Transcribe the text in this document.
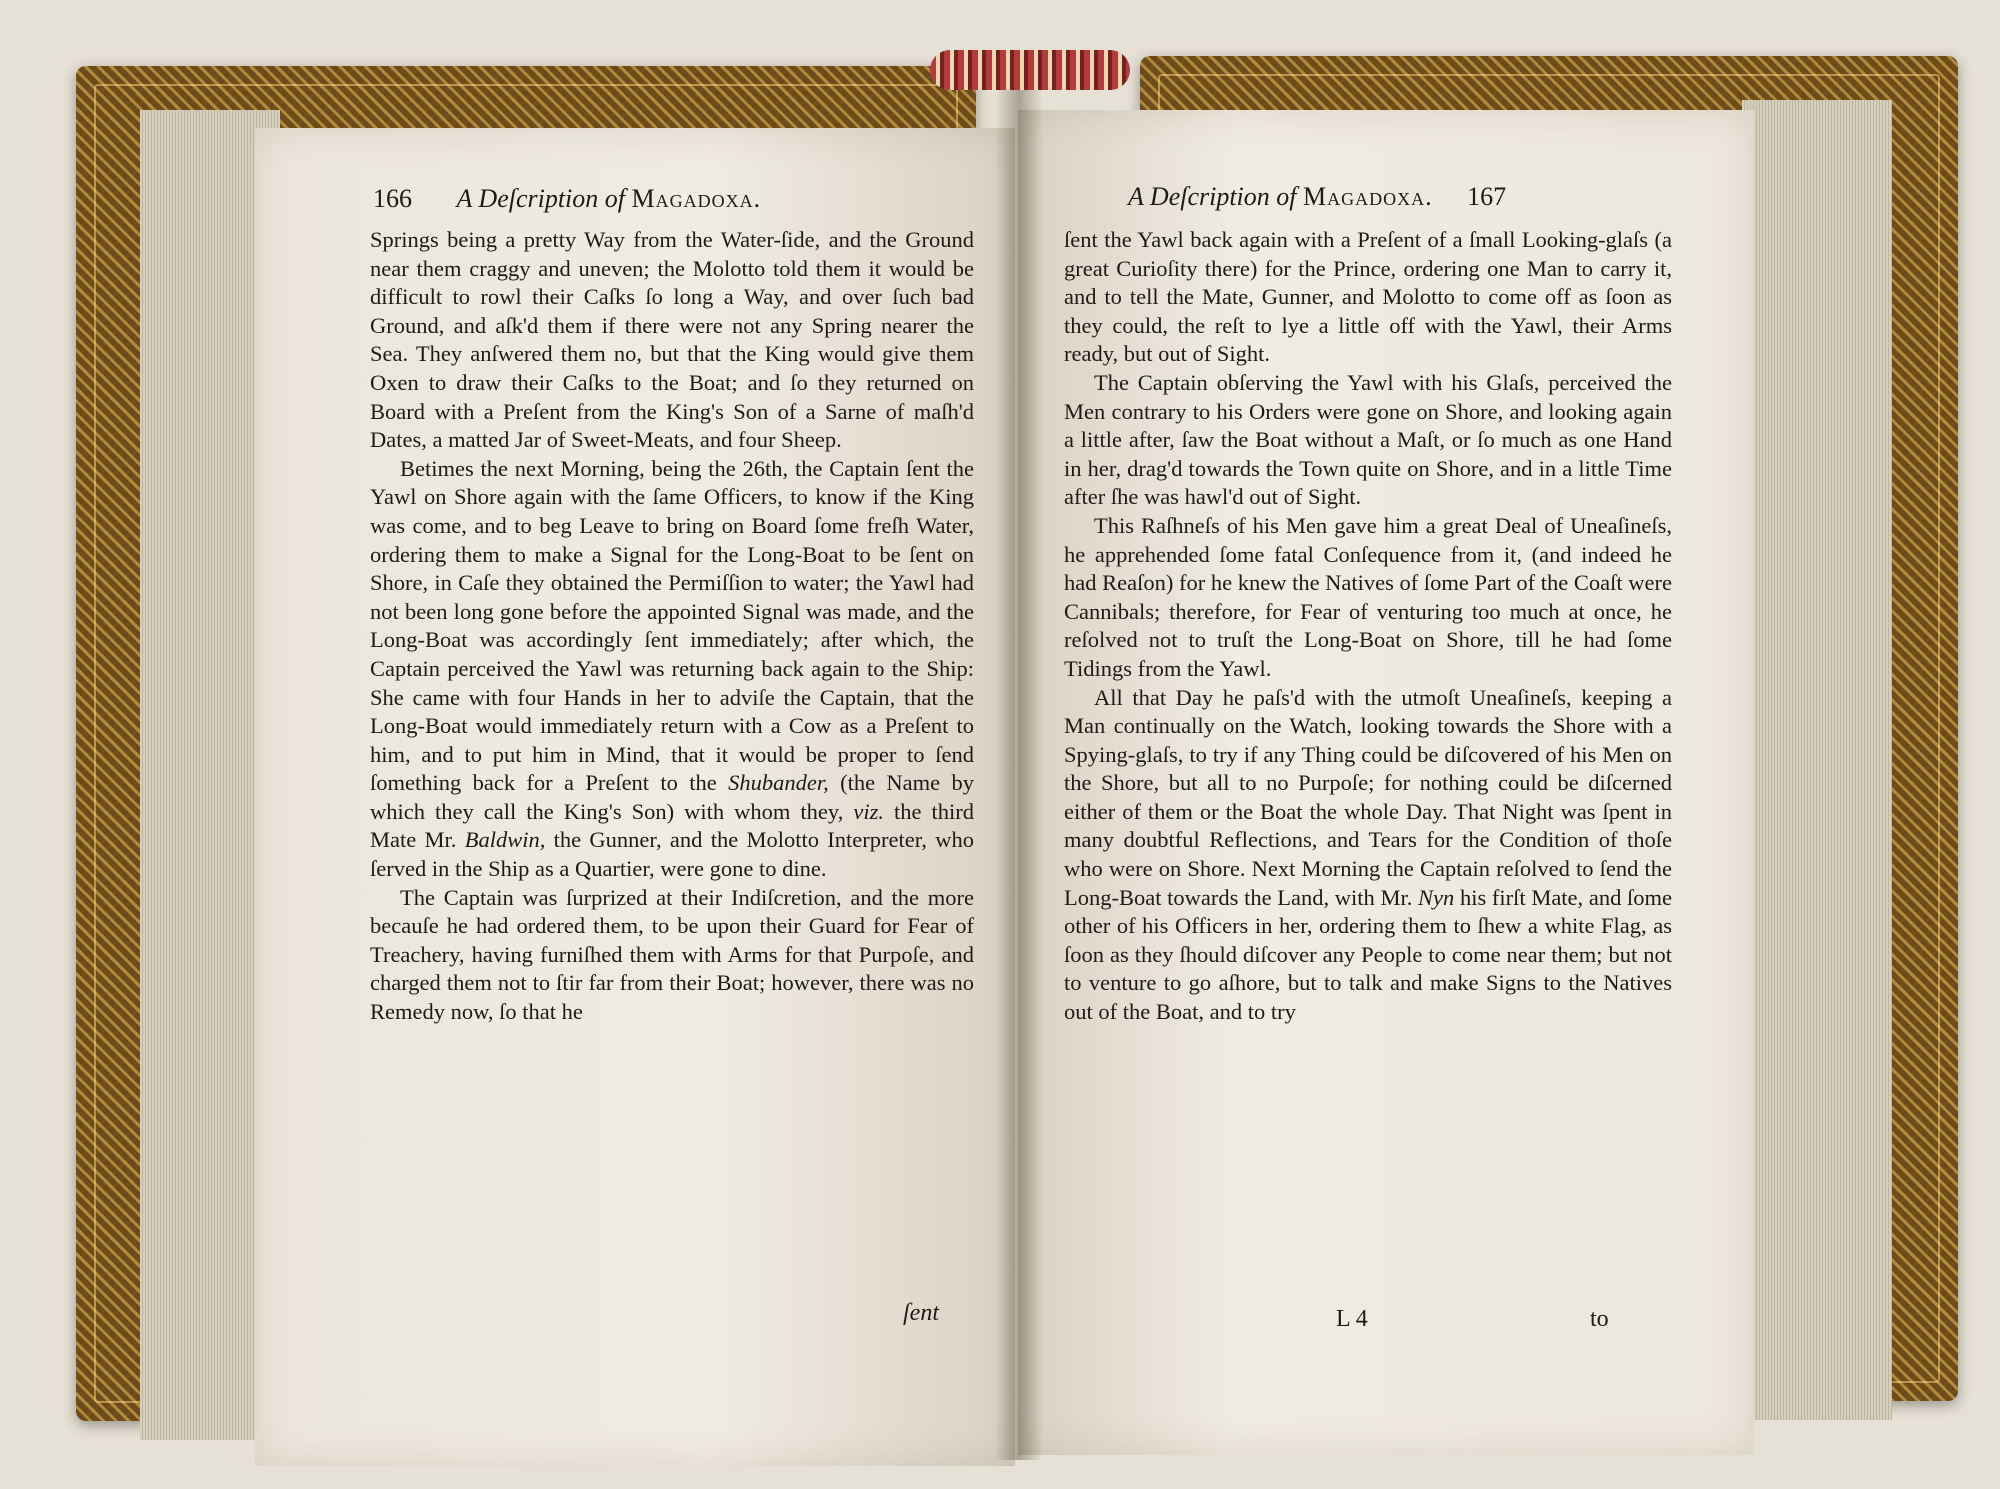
166 A Deſcription of Magadoxa.

Springs being a pretty Way from the Water-ſide, and the Ground near them craggy and uneven; the Molotto told them it would be difficult to rowl their Caſks ſo long a Way, and over ſuch bad Ground, and aſk'd them if there were not any Spring nearer the Sea. They anſwered them no, but that the King would give them Oxen to draw their Caſks to the Boat; and ſo they returned on Board with a Preſent from the King's Son of a Sarne of maſh'd Dates, a matted Jar of Sweet-Meats, and four Sheep.

Betimes the next Morning, being the 26th, the Captain ſent the Yawl on Shore again with the ſame Officers, to know if the King was come, and to beg Leave to bring on Board ſome freſh Water, ordering them to make a Signal for the Long-Boat to be ſent on Shore, in Caſe they obtained the Permiſſion to water; the Yawl had not been long gone before the appointed Signal was made, and the Long-Boat was accordingly ſent immediately; after which, the Captain perceived the Yawl was returning back again to the Ship: She came with four Hands in her to adviſe the Captain, that the Long-Boat would immediately return with a Cow as a Preſent to him, and to put him in Mind, that it would be proper to ſend ſomething back for a Preſent to the Shubander, (the Name by which they call the King's Son) with whom they, viz. the third Mate Mr. Baldwin, the Gunner, and the Molotto Interpreter, who ſerved in the Ship as a Quartier, were gone to dine.

The Captain was ſurprized at their Indiſcretion, and the more becauſe he had ordered them, to be upon their Guard for Fear of Treachery, having furniſhed them with Arms for that Purpoſe, and charged them not to ſtir far from their Boat; however, there was no Remedy now, ſo that he

ſent
A Deſcription of Magadoxa. 167

ſent the Yawl back again with a Preſent of a ſmall Looking-glaſs (a great Curioſity there) for the Prince, ordering one Man to carry it, and to tell the Mate, Gunner, and Molotto to come off as ſoon as they could, the reſt to lye a little off with the Yawl, their Arms ready, but out of Sight.

The Captain obſerving the Yawl with his Glaſs, perceived the Men contrary to his Orders were gone on Shore, and looking again a little after, ſaw the Boat without a Maſt, or ſo much as one Hand in her, drag'd towards the Town quite on Shore, and in a little Time after ſhe was hawl'd out of Sight.

This Raſhneſs of his Men gave him a great Deal of Uneaſineſs, he apprehended ſome fatal Conſequence from it, (and indeed he had Reaſon) for he knew the Natives of ſome Part of the Coaſt were Cannibals; therefore, for Fear of venturing too much at once, he reſolved not to truſt the Long-Boat on Shore, till he had ſome Tidings from the Yawl.

All that Day he paſs'd with the utmoſt Uneaſineſs, keeping a Man continually on the Watch, looking towards the Shore with a Spying-glaſs, to try if any Thing could be diſcovered of his Men on the Shore, but all to no Purpoſe; for nothing could be diſcerned either of them or the Boat the whole Day. That Night was ſpent in many doubtful Reflections, and Tears for the Condition of thoſe who were on Shore. Next Morning the Captain reſolved to ſend the Long-Boat towards the Land, with Mr. Nyn his firſt Mate, and ſome other of his Officers in her, ordering them to ſhew a white Flag, as ſoon as they ſhould diſcover any People to come near them; but not to venture to go aſhore, but to talk and make Signs to the Natives out of the Boat, and to try

L 4	to
